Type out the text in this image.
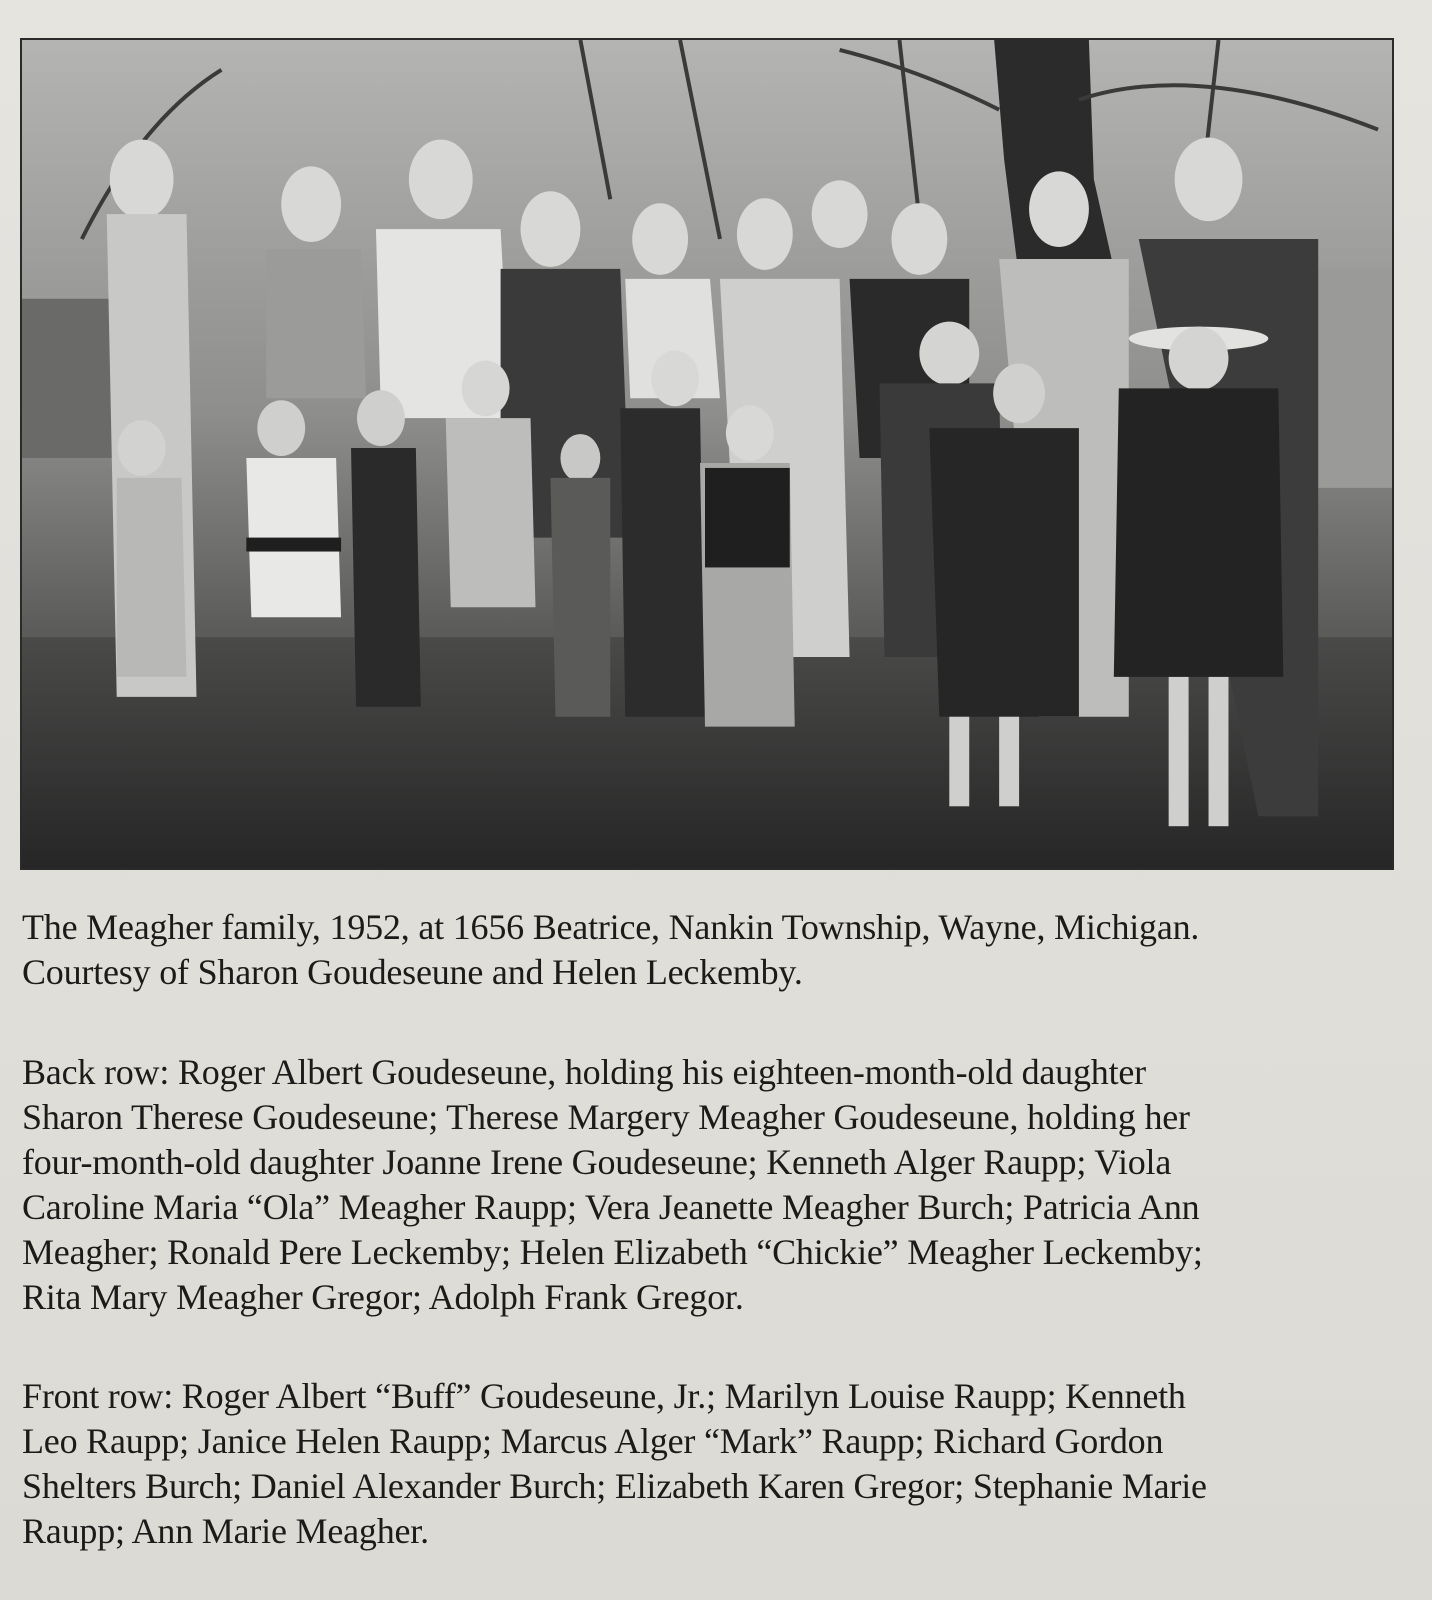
The Meagher family, 1952, at 1656 Beatrice, Nankin Township, Wayne, Michigan.

Courtesy of Sharon Goudeseune and Helen Leckemby.

Back row: Roger Albert Goudeseune, holding his eighteen-month-old daughter

Sharon Therese Goudeseune; Therese Margery Meagher Goudeseune, holding her

four-month-old daughter Joanne Irene Goudeseune; Kenneth Alger Raupp; Viola

Caroline Maria “Ola” Meagher Raupp; Vera Jeanette Meagher Burch; Patricia Ann

Meagher; Ronald Pere Leckemby; Helen Elizabeth “Chickie” Meagher Leckemby;

Rita Mary Meagher Gregor; Adolph Frank Gregor.

Front row: Roger Albert “Buff” Goudeseune, Jr.; Marilyn Louise Raupp; Kenneth

Leo Raupp; Janice Helen Raupp; Marcus Alger “Mark” Raupp; Richard Gordon

Shelters Burch; Daniel Alexander Burch; Elizabeth Karen Gregor; Stephanie Marie

Raupp; Ann Marie Meagher.
